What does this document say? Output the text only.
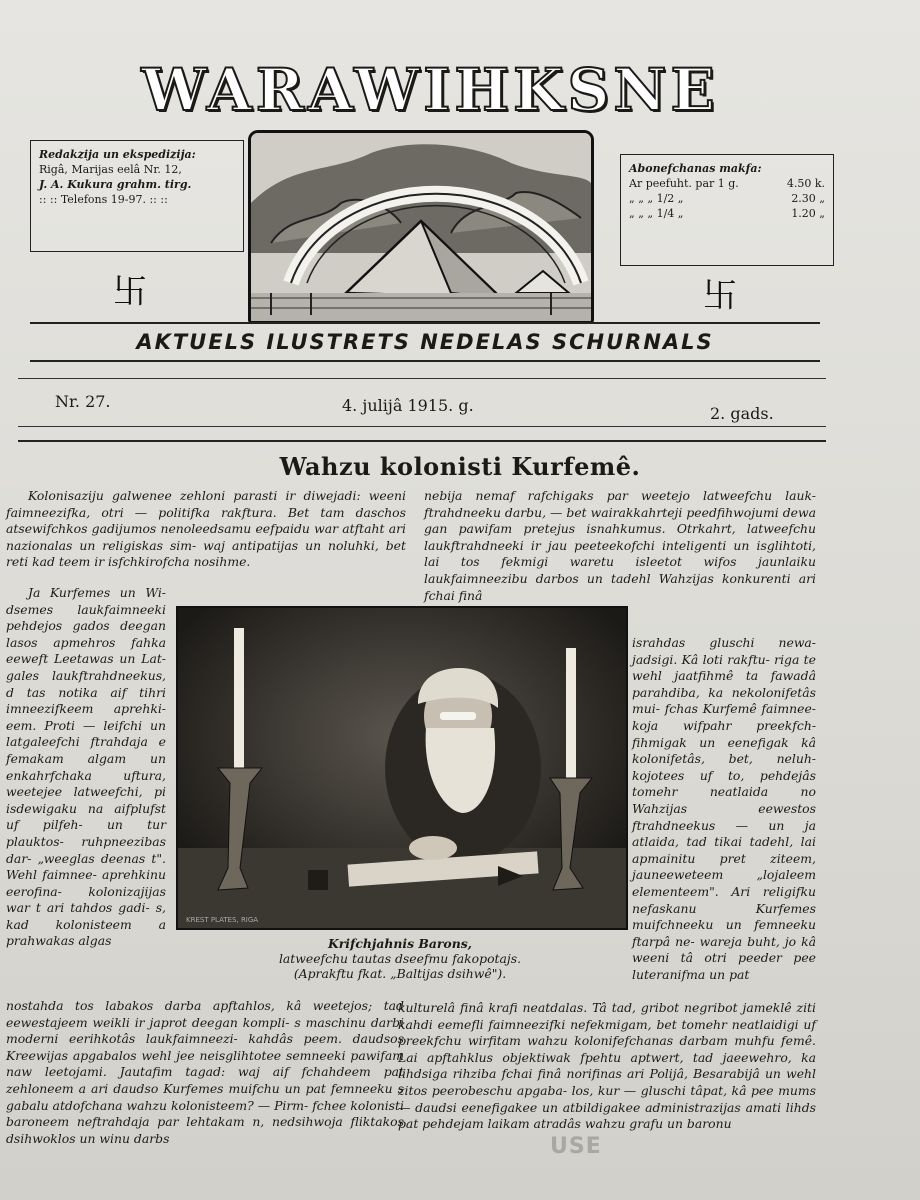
WARAWIHKSNE
Redakzija un ekspedizija:
Rigâ, Marijas eelâ Nr. 12,
J. A. Kukura grahm. tirg.
:: :: Telefons 19-97. :: ::
卐	卐
Abonefchanas makfa:
Ar peefuht. par 1 g.	4.50 k.
„ „ „ 1/2 „	2.30 „
„ „ „ 1/4 „	1.20 „
AKTUELS ILUSTRETS NEDELAS SCHURNALS
Nr. 27.	4. julijâ 1915. g.	2. gads.
Wahzu kolonisti Kurfemê.

Kolonisaziju galwenee zehloni parasti ir diwejadi: weeni faimneezifka, otri — politifka rakftura. Bet tam daschos atsewifchkos gadijumos nenoleedsamu eefpaidu war atftaht ari nazionalas un religiskas sim- waj antipatijas un noluhki, bet reti kad teem ir isfchkirofcha nosihme.

Ja Kurfemes un Wi- dsemes laukfaimneeki pehdejos gados deegan lasos apmehros fahka eeweft Leetawas un Lat- gales laukftrahdneekus, d tas notika aif tihri imneezifkeem aprehki- eem. Proti — leifchi un latgaleefchi ftrahdaja e femakam algam un enkahrfchaka uftura, weetejee latweefchi, pi isdewigaku na aifplufst uf pilfeh- un tur plauktos- ruhpneezibas dar- „weeglas deenas t". Wehl faimnee- aprehkinu eerofina- kolonizajijas war t ari tahdos gadi- s, kad kolonisteem a prahwakas algas

nebija nemaf rafchigaks par weetejo latweefchu lauk- ftrahdneeku darbu, — bet wairakkahrteji peedfihwojumi dewa gan pawifam pretejus isnahkumus. Otrkahrt, latweefchu laukftrahdneeki ir jau peeteekofchi inteligenti un isglihtoti, lai tos fekmigi waretu isleetot wifos jaunlaiku laukfaimneezibu darbos un tadehl Wahzijas konkurenti ari fchai finâ

israhdas gluschi newa- jadsigi. Kâ loti rakftu- riga te wehl jaatfihmê ta fawadâ parahdiba, ka nekolonifetâs mui- fchas Kurfemê faimnee- koja wifpahr preekfch- fihmigak un eenefigak kâ kolonifetâs, bet, neluh- kojotees uf to, pehdejâs tomehr neatlaida no Wahzijas eewestos ftrahdneekus — un ja atlaida, tad tikai tadehl, lai apmainitu pret ziteem, jauneeweteem „lojaleem elementeem". Ari religifku nefaskanu Kurfemes muifchneeku un femneeku ftarpâ ne- wareja buht, jo kâ weeni tâ otri peeder pee luteranifma un pat

KREST PLATES, RIGA
Krifchjahnis Barons,
latweefchu tautas dseefmu fakopotajs.
(Aprakftu fkat. „Baltijas dsihwê").

nostahda tos labakos darba apftahlos, kâ weetejos; tad eewestajeem weikli ir japrot deegan kompli- s maschinu darbi moderni eerihkotâs laukfaimneezi- kahdâs peem. daudsos Kreewijas apgabalos wehl jee neisglihtotee semneeki pawifam naw leetojami. Jautafim tagad: waj aif fchahdeem pat zehloneem a ari daudso Kurfemes muifchu un pat femneeku s gabalu atdofchana wahzu kolonisteem? — Pirm- fchee kolonisti baroneem neftrahdaja par lehtakam n, nedsihwoja fliktakos dsihwoklos un winu darbs

kulturelâ finâ krafi neatdalas. Tâ tad, gribot negribot jameklê ziti kahdi eemefli faimneezifki nefekmigam, bet tomehr neatlaidigi uf preekfchu wirfitam wahzu kolonifefchanas darbam muhfu femê. Lai apftahklus objektiwak fpehtu aptwert, tad jaeewehro, ka lihdsiga rihziba fchai finâ norifinas ari Polijâ, Besarabijâ un wehl zitos peerobeschu apgaba- los, kur — gluschi tâpat, kâ pee mums — daudsi eenefigakee un atbildigakee administrazijas amati lihds pat pehdejam laikam atradâs wahzu grafu un baronu

USE
